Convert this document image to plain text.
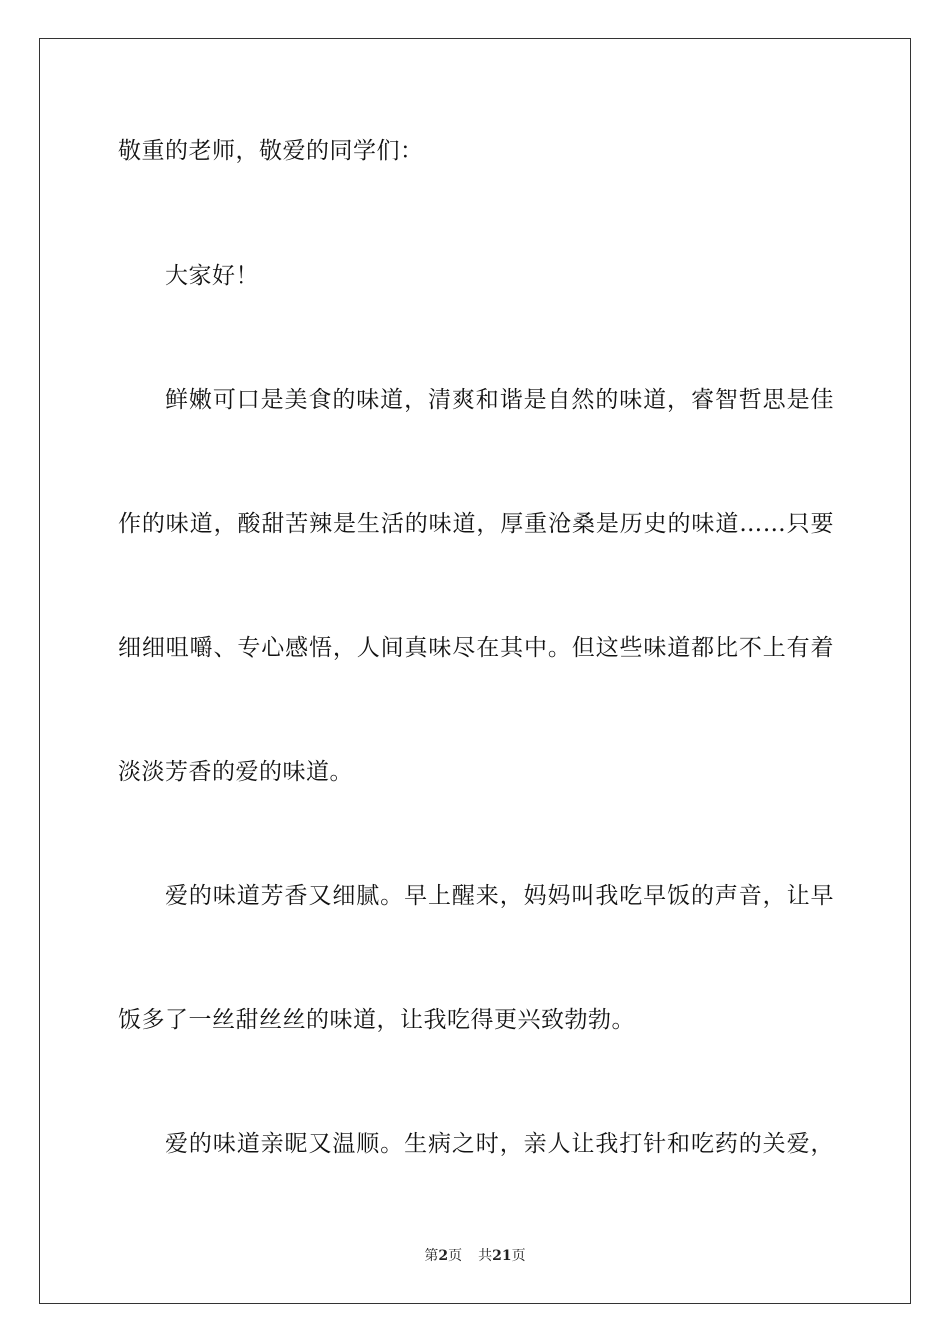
敬重的老师，敬爱的同学们：
大家好！
鲜嫩可口是美食的味道，清爽和谐是自然的味道，睿智哲思是佳
作的味道，酸甜苦辣是生活的味道，厚重沧桑是历史的味道……只要
细细咀嚼、专心感悟，人间真味尽在其中。但这些味道都比不上有着
淡淡芳香的爱的味道。
爱的味道芳香又细腻。早上醒来，妈妈叫我吃早饭的声音，让早
饭多了一丝甜丝丝的味道，让我吃得更兴致勃勃。
爱的味道亲昵又温顺。生病之时，亲人让我打针和吃药的关爱，
第2页 共21页
